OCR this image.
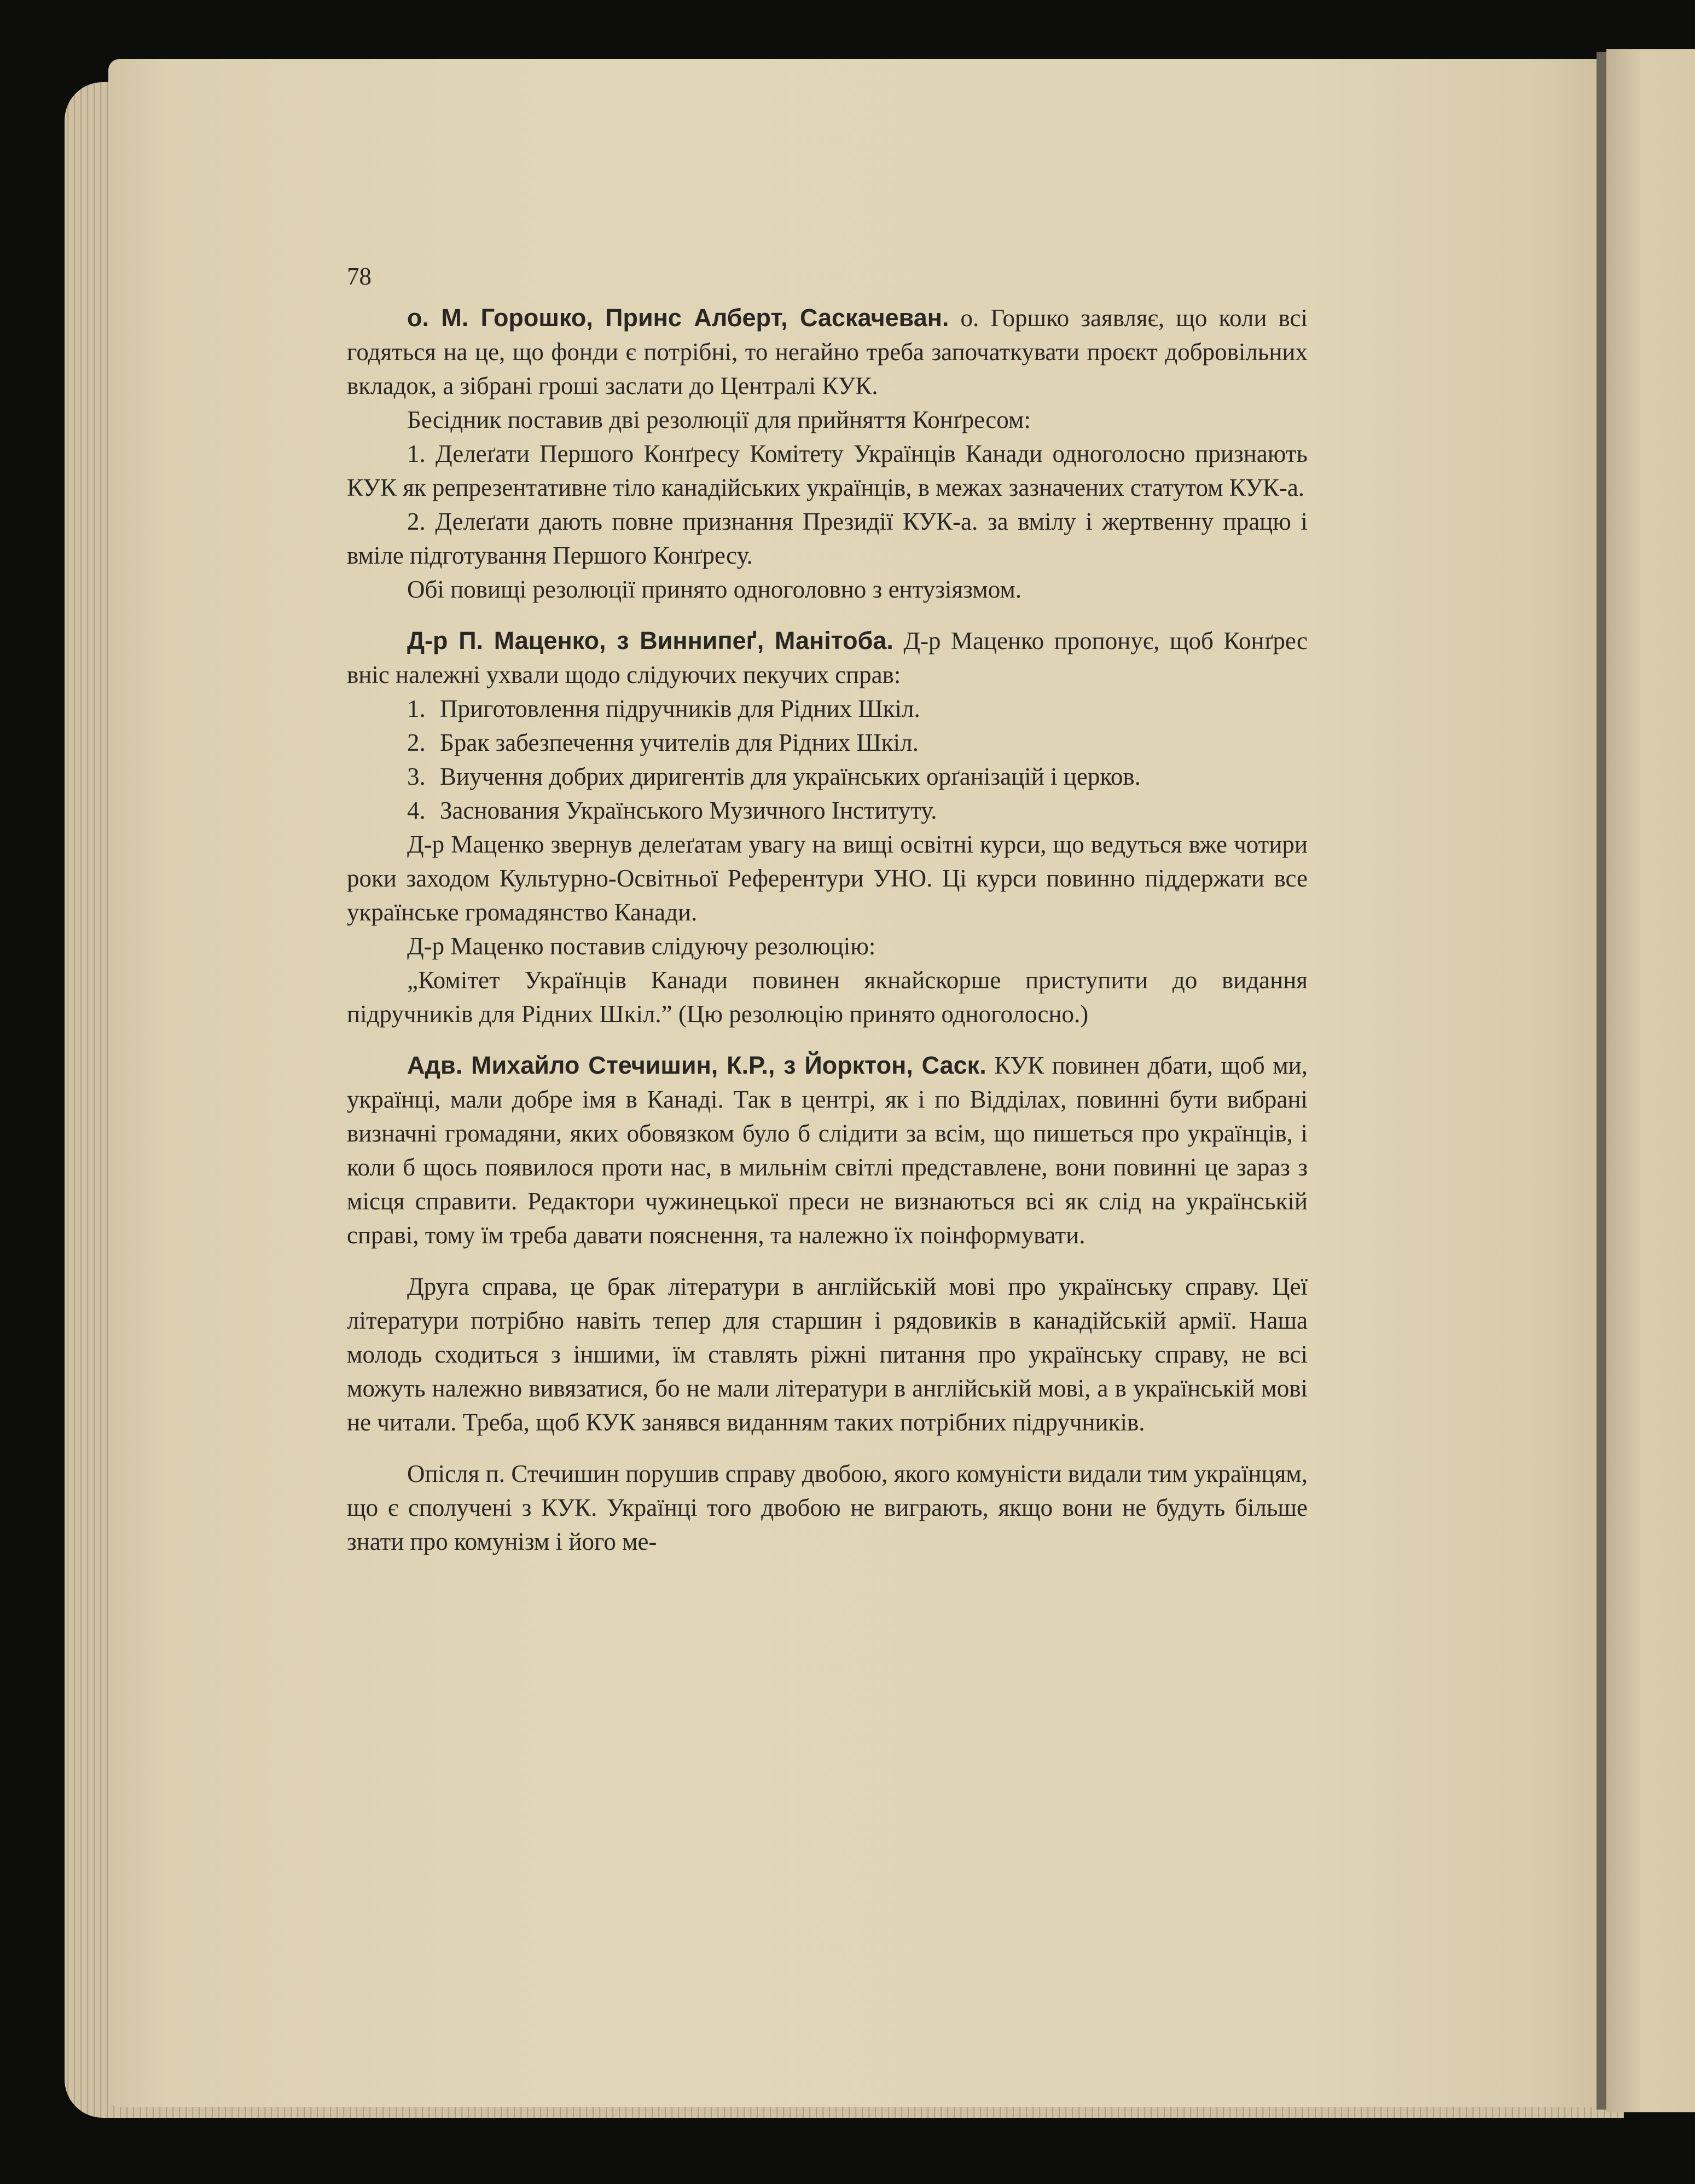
78

о. М. Горошко, Принс Алберт, Саскачеван. о. Горшко заявляє, що коли всі годяться на це, що фонди є потрібні, то негайно треба започаткувати проєкт добровільних вкладок, а зібрані гроші заслати до Централі КУК.

Бесідник поставив дві резолюції для прийняття Конґресом:

1. Делеґати Першого Конґресу Комітету Українців Канади одноголосно признають КУК як репрезентативне тіло канадійських українців, в межах зазначених статутом КУК-а.

2. Делеґати дають повне признання Президії КУК-а. за вмілу і жертвенну працю і вміле підготування Першого Конґресу.

Обі повищі резолюції принято одноголовно з ентузіязмом.

Д-р П. Маценко, з Виннипеґ, Манітоба. Д-р Маценко пропонує, щоб Конґрес вніс належні ухвали щодо слідуючих пекучих справ:

1. Приготовлення підручників для Рідних Шкіл.
2. Брак забезпечення учителів для Рідних Шкіл.
3. Виучення добрих диригентів для українських орґанізацій і церков.
4. Заснования Українського Музичного Інституту.

Д-р Маценко звернув делеґатам увагу на вищі освітні курси, що ведуться вже чотири роки заходом Культурно-Освітньої Референтури УНО. Ці курси повинно піддержати все українське громадянство Канади.

Д-р Маценко поставив слідуючу резолюцію:

„Комітет Українців Канади повинен якнайскорше приступити до видання підручників для Рідних Шкіл.” (Цю резолюцію принято одноголосно.)

Адв. Михайло Стечишин, К.Р., з Йорктон, Саск. КУК повинен дбати, щоб ми, українці, мали добре імя в Канаді. Так в центрі, як і по Відділах, повинні бути вибрані визначні громадяни, яких обовязком було б слідити за всім, що пишеться про українців, і коли б щось появилося проти нас, в мильнім світлі представлене, вони повинні це зараз з місця справити. Редактори чужинецької преси не визнаються всі як слід на українській справі, тому їм треба давати пояснення, та належно їх поінформувати.

Друга справа, це брак літератури в англійській мові про українську справу. Цеї літератури потрібно навіть тепер для старшин і рядовиків в канадійській армії. Наша молодь сходиться з іншими, їм ставлять ріжні питання про українську справу, не всі можуть належно вивязатися, бо не мали літератури в англійській мові, а в українській мові не читали. Треба, щоб КУК занявся виданням таких потрібних підручників.

Опісля п. Стечишин порушив справу двобою, якого комуністи видали тим українцям, що є сполучені з КУК. Українці того двобою не виграють, якщо вони не будуть більше знати про комунізм і його ме-
